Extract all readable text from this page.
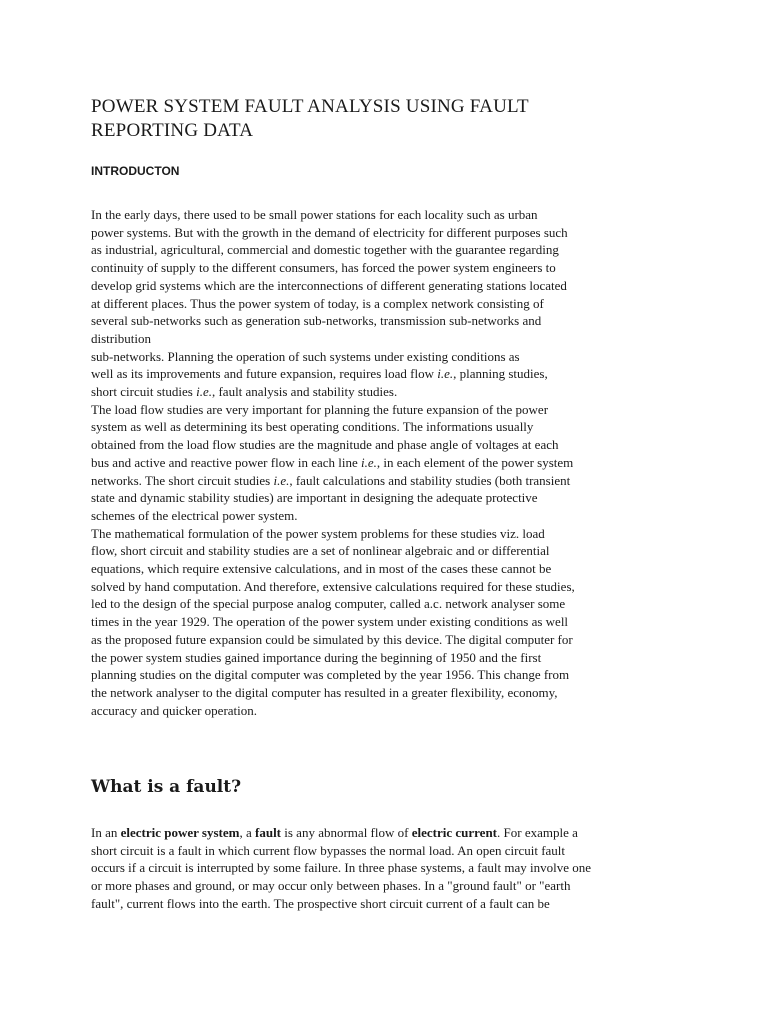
POWER SYSTEM FAULT ANALYSIS USING FAULT
REPORTING DATA
INTRODUCTON
In the early days, there used to be small power stations for each locality such as urban
power systems. But with the growth in the demand of electricity for different purposes such
as industrial, agricultural, commercial and domestic together with the guarantee regarding
continuity of supply to the different consumers, has forced the power system engineers to
develop grid systems which are the interconnections of different generating stations located
at different places. Thus the power system of today, is a complex network consisting of
several sub-networks such as generation sub-networks, transmission sub-networks and
distribution
sub-networks. Planning the operation of such systems under existing conditions as
well as its improvements and future expansion, requires load flow i.e., planning studies,
short circuit studies i.e., fault analysis and stability studies.
The load flow studies are very important for planning the future expansion of the power
system as well as determining its best operating conditions. The informations usually
obtained from the load flow studies are the magnitude and phase angle of voltages at each
bus and active and reactive power flow in each line i.e., in each element of the power system
networks. The short circuit studies i.e., fault calculations and stability studies (both transient
state and dynamic stability studies) are important in designing the adequate protective
schemes of the electrical power system.
The mathematical formulation of the power system problems for these studies viz. load
flow, short circuit and stability studies are a set of nonlinear algebraic and or differential
equations, which require extensive calculations, and in most of the cases these cannot be
solved by hand computation. And therefore, extensive calculations required for these studies,
led to the design of the special purpose analog computer, called a.c. network analyser some
times in the year 1929. The operation of the power system under existing conditions as well
as the proposed future expansion could be simulated by this device. The digital computer for
the power system studies gained importance during the beginning of 1950 and the first
planning studies on the digital computer was completed by the year 1956. This change from
the network analyser to the digital computer has resulted in a greater flexibility, economy,
accuracy and quicker operation.
What is a fault?
In an electric power system, a fault is any abnormal flow of electric current. For example a
short circuit is a fault in which current flow bypasses the normal load. An open circuit fault
occurs if a circuit is interrupted by some failure. In three phase systems, a fault may involve one
or more phases and ground, or may occur only between phases. In a "ground fault" or "earth
fault", current flows into the earth. The prospective short circuit current of a fault can be
